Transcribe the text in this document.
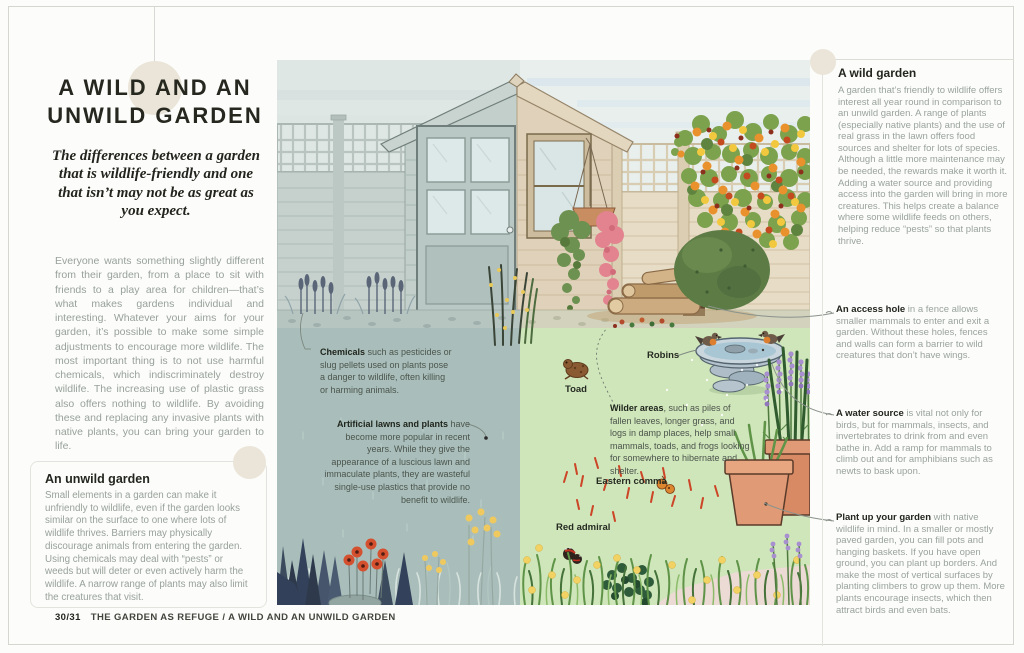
A WILD AND AN
UNWILD GARDEN
The differences between a garden that is wildlife-friendly and one that isn’t may not be as great as you expect.
Everyone wants something slightly different from their garden, from a place to sit with friends to a play area for children—that’s what makes gardens individual and interesting. Whatever your aims for your garden, it’s possible to make some simple adjustments to encourage more wildlife. The most important thing is to not use harmful chemicals, which indiscriminately destroy wildlife. The increasing use of plastic grass also offers nothing to wildlife. By avoiding these and replacing any invasive plants with native plants, you can bring your garden to life.
An unwild garden

Small elements in a garden can make it unfriendly to wildlife, even if the garden looks similar on the surface to one where lots of wildlife thrives. Barriers may physically discourage animals from entering the garden. Using chemicals may deal with “pests” or weeds but will deter or even actively harm the wildlife. A narrow range of plants may also limit the creatures that visit.

Chemicals such as pesticides or slug pellets used on plants pose a danger to wildlife, often killing or harming animals.
Artificial lawns and plants have become more popular in recent years. While they give the appearance of a luscious lawn and immaculate plants, they are wasteful single-use plastics that provide no benefit to wildlife.
Wilder areas, such as piles of fallen leaves, longer grass, and logs in damp places, help small mammals, toads, and frogs looking for somewhere to hibernate and shelter.
Toad
Robins
Eastern comma
Red admiral
A wild garden
A garden that’s friendly to wildlife offers interest all year round in comparison to an unwild garden. A range of plants (especially native plants) and the use of real grass in the lawn offers food sources and shelter for lots of species. Although a little more maintenance may be needed, the rewards make it worth it. Adding a water source and providing access into the garden will bring in more creatures. This helps create a balance where some wildlife feeds on others, helping reduce “pests” so that plants thrive.
An access hole in a fence allows smaller mammals to enter and exit a garden. Without these holes, fences and walls can form a barrier to wild creatures that don’t have wings.
A water source is vital not only for birds, but for mammals, insects, and invertebrates to drink from and even bathe in. Add a ramp for mammals to climb out and for amphibians such as newts to bask upon.
Plant up your garden with native wildlife in mind. In a smaller or mostly paved garden, you can fill pots and hanging baskets. If you have open ground, you can plant up borders. And make the most of vertical surfaces by planting climbers to grow up them. More plants encourage insects, which then attract birds and even bats.
30/31 THE GARDEN AS REFUGE / A WILD AND AN UNWILD GARDEN
